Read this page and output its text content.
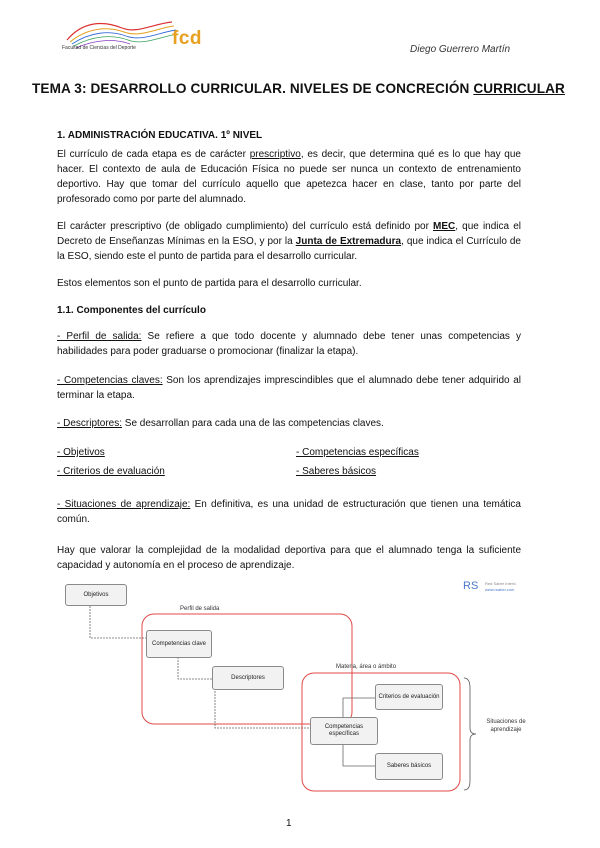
Facultad de Ciencias del Deporte fcd
Diego Guerrero Martín
TEMA 3: DESARROLLO CURRICULAR. NIVELES DE CONCRECIÓN CURRICULAR
1. ADMINISTRACIÓN EDUCATIVA. 1º NIVEL
El currículo de cada etapa es de carácter prescriptivo, es decir, que determina qué es lo que hay que hacer. El contexto de aula de Educación Física no puede ser nunca un contexto de entrenamiento deportivo. Hay que tomar del currículo aquello que apetezca hacer en clase, tanto por parte del profesorado como por parte del alumnado.
El carácter prescriptivo (de obligado cumplimiento) del currículo está definido por MEC, que indica el Decreto de Enseñanzas Mínimas en la ESO, y por la Junta de Extremadura, que indica el Currículo de la ESO, siendo este el punto de partida para el desarrollo curricular.
Estos elementos son el punto de partida para el desarrollo curricular.
1.1. Componentes del currículo
- Perfil de salida: Se refiere a que todo docente y alumnado debe tener unas competencias y habilidades para poder graduarse o promocionar (finalizar la etapa).
- Competencias claves: Son los aprendizajes imprescindibles que el alumnado debe tener adquirido al terminar la etapa.
- Descriptores: Se desarrollan para cada una de las competencias claves.
- Objetivos
- Criterios de evaluación
- Competencias específicas
- Saberes básicos
- Situaciones de aprendizaje: En definitiva, es una unidad de estructuración que tienen una temática común.
Hay que valorar la complejidad de la modalidad deportiva para que el alumnado tenga la suficiente capacidad y autonomía en el proceso de aprendizaje.
Objetivos
Perfil de salida
Competencias clave
Descriptores
Materia, área o ámbito
Criterios de evaluación
Competencias específicas
Saberes básicos
Situaciones de aprendizaje
RS Red Saber Interd.
www.rsaber.com
1
